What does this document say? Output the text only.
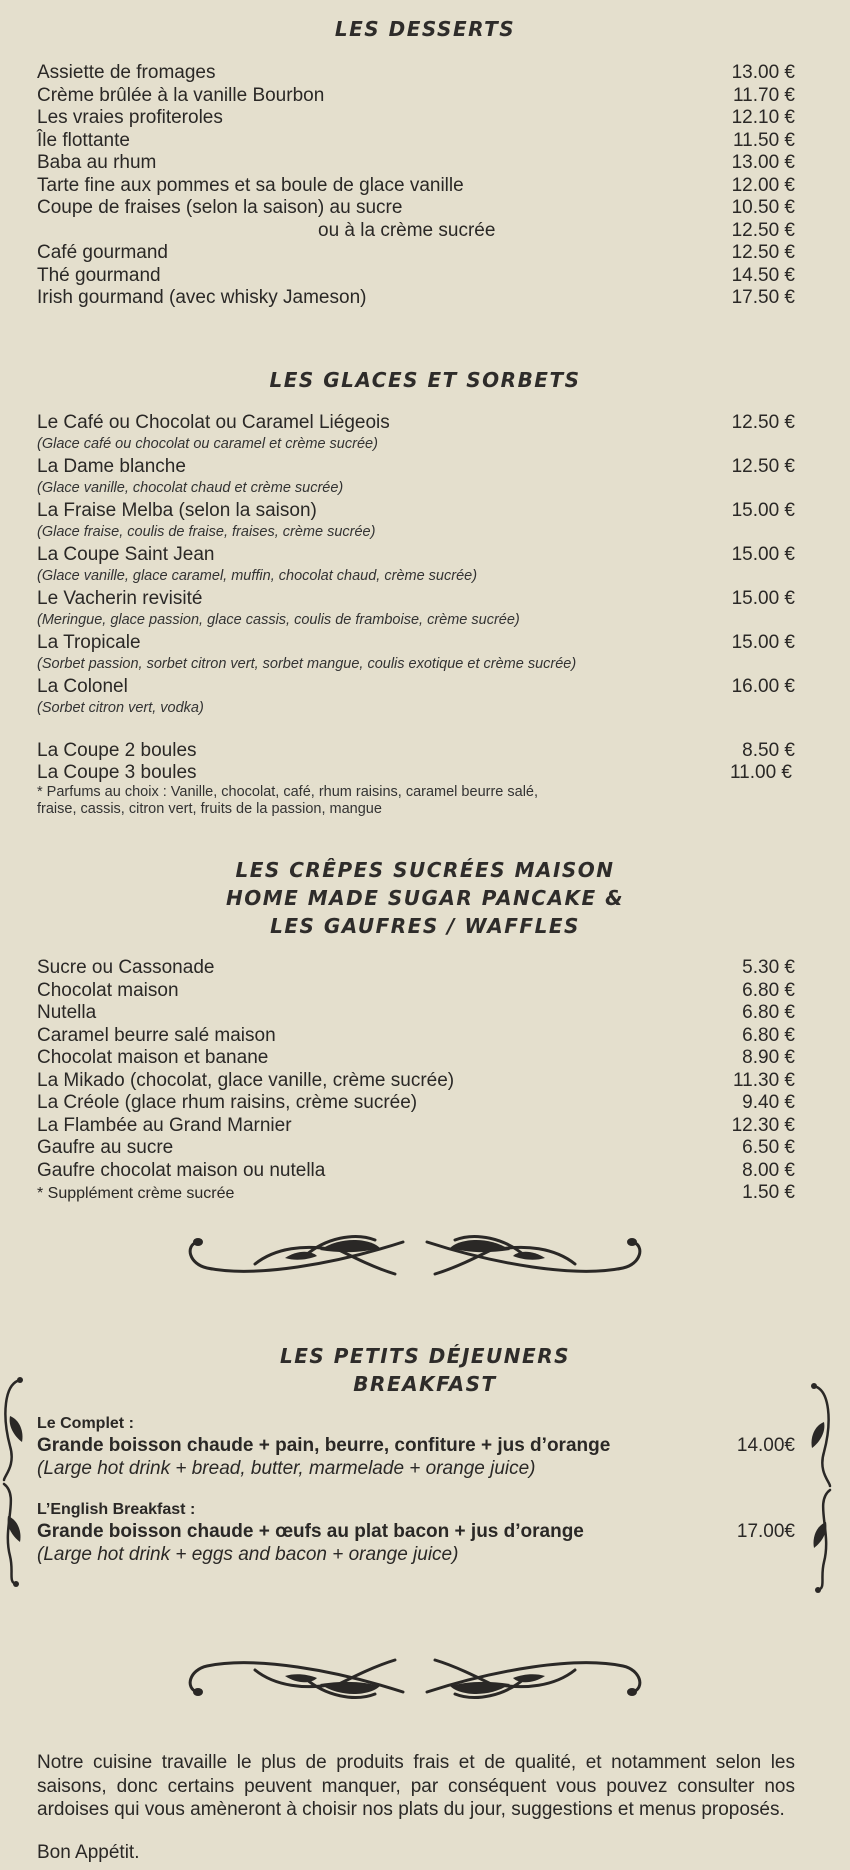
LES DESSERTS
Assiette de fromages	13.00 €
Crème brûlée à la vanille Bourbon	11.70 €
Les vraies profiteroles	12.10 €
Île flottante	11.50 €
Baba au rhum	13.00 €
Tarte fine aux pommes et sa boule de glace vanille	12.00 €
Coupe de fraises (selon la saison) au sucre	10.50 €
ou à la crème sucrée	12.50 €
Café gourmand	12.50 €
Thé gourmand	14.50 €
Irish gourmand (avec whisky Jameson)	17.50 €
LES GLACES ET SORBETS
Le Café ou Chocolat ou Caramel Liégeois	12.50 €
(Glace café ou chocolat ou caramel et crème sucrée)
La Dame blanche	12.50 €
(Glace vanille, chocolat chaud et crème sucrée)
La Fraise Melba (selon la saison)	15.00 €
(Glace fraise, coulis de fraise, fraises, crème sucrée)
La Coupe Saint Jean	15.00 €
(Glace vanille, glace caramel, muffin, chocolat chaud, crème sucrée)
Le Vacherin revisité	15.00 €
(Meringue, glace passion, glace cassis, coulis de framboise, crème sucrée)
La Tropicale	15.00 €
(Sorbet passion, sorbet citron vert, sorbet mangue, coulis exotique et crème sucrée)
La Colonel	16.00 €
(Sorbet citron vert, vodka)
La Coupe 2 boules	8.50 €
La Coupe 3 boules	11.00 €
* Parfums au choix : Vanille, chocolat, café, rhum raisins, caramel beurre salé,
fraise, cassis, citron vert, fruits de la passion, mangue
LES CRÊPES SUCRÉES MAISON
HOME MADE SUGAR PANCAKE &
LES GAUFRES / WAFFLES
Sucre ou Cassonade	5.30 €
Chocolat maison	6.80 €
Nutella	6.80 €
Caramel beurre salé maison	6.80 €
Chocolat maison et banane	8.90 €
La Mikado (chocolat, glace vanille, crème sucrée)	11.30 €
La Créole (glace rhum raisins, crème sucrée)	9.40 €
La Flambée au Grand Marnier	12.30 €
Gaufre au sucre	6.50 €
Gaufre chocolat maison ou nutella	8.00 €
* Supplément crème sucrée	1.50 €
LES PETITS DÉJEUNERS
BREAKFAST
Le Complet :
Grande boisson chaude + pain, beurre, confiture + jus d’orange	14.00€
(Large hot drink + bread, butter, marmelade + orange juice)
L’English Breakfast :
Grande boisson chaude + œufs au plat bacon + jus d’orange	17.00€
(Large hot drink + eggs and bacon + orange juice)
Notre cuisine travaille le plus de produits frais et de qualité, et notamment selon les saisons, donc certains peuvent manquer, par conséquent vous pouvez consulter nos ardoises qui vous amèneront à choisir nos plats du jour, suggestions et menus proposés.
Bon Appétit.
